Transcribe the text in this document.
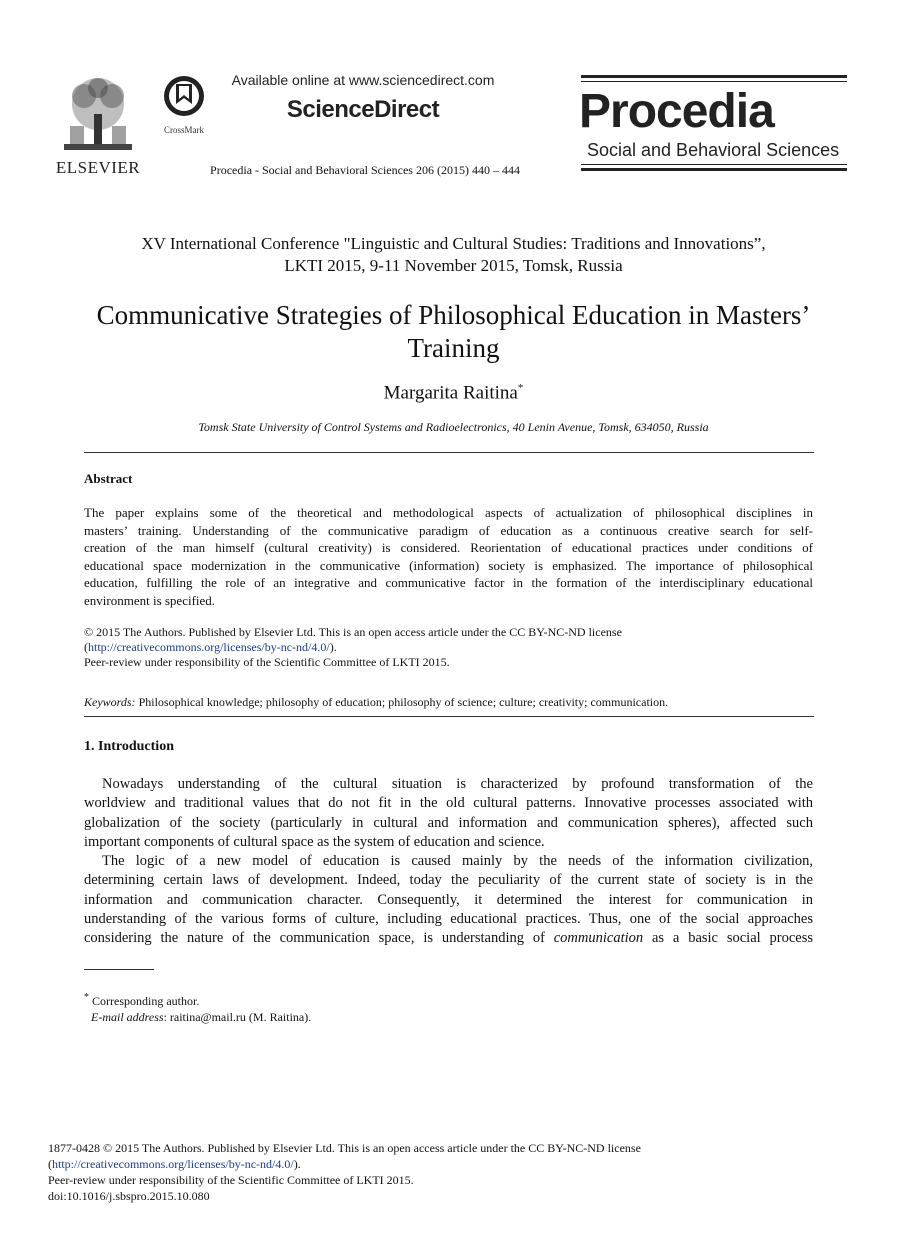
ELSEVIER
CrossMark
Available online at www.sciencedirect.com
ScienceDirect
Procedia - Social and Behavioral Sciences 206 (2015) 440 – 444
Procedia
Social and Behavioral Sciences
XV International Conference "Linguistic and Cultural Studies: Traditions and Innovations”,
LKTI 2015, 9-11 November 2015, Tomsk, Russia
Communicative Strategies of Philosophical Education in Masters’
Training
Margarita Raitina*
Tomsk State University of Control Systems and Radioelectronics, 40 Lenin Avenue, Tomsk, 634050, Russia
Abstract
The paper explains some of the theoretical and methodological aspects of actualization of philosophical disciplines in
masters’ training. Understanding of the communicative paradigm of education as a continuous creative search for self-
creation of the man himself (cultural creativity) is considered. Reorientation of educational practices under conditions of
educational space modernization in the communicative (information) society is emphasized. The importance of philosophical
education, fulfilling the role of an integrative and communicative factor in the formation of the interdisciplinary educational
environment is specified.
© 2015 The Authors. Published by Elsevier Ltd. This is an open access article under the CC BY-NC-ND license
(http://creativecommons.org/licenses/by-nc-nd/4.0/).
Peer-review under responsibility of the Scientific Committee of LKTI 2015.
Keywords: Philosophical knowledge; philosophy of education; philosophy of science; culture; creativity; communication.
1. Introduction
Nowadays understanding of the cultural situation is characterized by profound transformation of the
worldview and traditional values that do not fit in the old cultural patterns. Innovative processes associated with
globalization of the society (particularly in cultural and information and communication spheres), affected such
important components of cultural space as the system of education and science.
The logic of a new model of education is caused mainly by the needs of the information civilization,
determining certain laws of development. Indeed, today the peculiarity of the current state of society is in the
information and communication character. Consequently, it determined the interest for communication in
understanding of the various forms of culture, including educational practices. Thus, one of the social approaches
considering the nature of the communication space, is understanding of communication as a basic social process
* Corresponding author.
E-mail address: raitina@mail.ru (M. Raitina).
1877-0428 © 2015 The Authors. Published by Elsevier Ltd. This is an open access article under the CC BY-NC-ND license
(http://creativecommons.org/licenses/by-nc-nd/4.0/).
Peer-review under responsibility of the Scientific Committee of LKTI 2015.
doi:10.1016/j.sbspro.2015.10.080
